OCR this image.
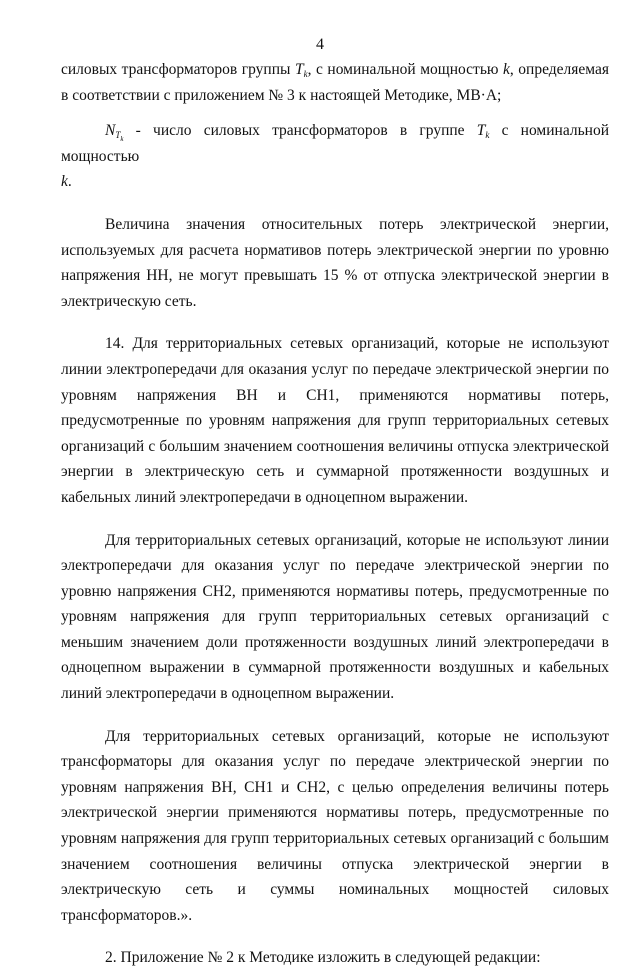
4

силовых трансформаторов группы $T_k$, с номинальной мощностью k, определяемая в соответствии с приложением № 3 к настоящей Методике, МВ·А;

$N_{T_k}$ - число силовых трансформаторов в группе $T_k$ с номинальной мощностью
k.

Величина значения относительных потерь электрической энергии, используемых для расчета нормативов потерь электрической энергии по уровню напряжения НН, не могут превышать 15 % от отпуска электрической энергии в электрическую сеть.

14. Для территориальных сетевых организаций, которые не используют линии электропередачи для оказания услуг по передаче электрической энергии по уровням напряжения ВН и СН1, применяются нормативы потерь, предусмотренные по уровням напряжения для групп территориальных сетевых организаций с большим значением соотношения величины отпуска электрической энергии в электрическую сеть и суммарной протяженности воздушных и кабельных линий электропередачи в одноцепном выражении.

Для территориальных сетевых организаций, которые не используют линии электропередачи для оказания услуг по передаче электрической энергии по уровню напряжения СН2, применяются нормативы потерь, предусмотренные по уровням напряжения для групп территориальных сетевых организаций с меньшим значением доли протяженности воздушных линий электропередачи в одноцепном выражении в суммарной протяженности воздушных и кабельных линий электропередачи в одноцепном выражении.

Для территориальных сетевых организаций, которые не используют трансформаторы для оказания услуг по передаче электрической энергии по уровням напряжения ВН, СН1 и СН2, с целью определения величины потерь электрической энергии применяются нормативы потерь, предусмотренные по уровням напряжения для групп территориальных сетевых организаций с большим значением соотношения величины отпуска электрической энергии в электрическую сеть и суммы номинальных мощностей силовых трансформаторов.».

2. Приложение № 2 к Методике изложить в следующей редакции:
